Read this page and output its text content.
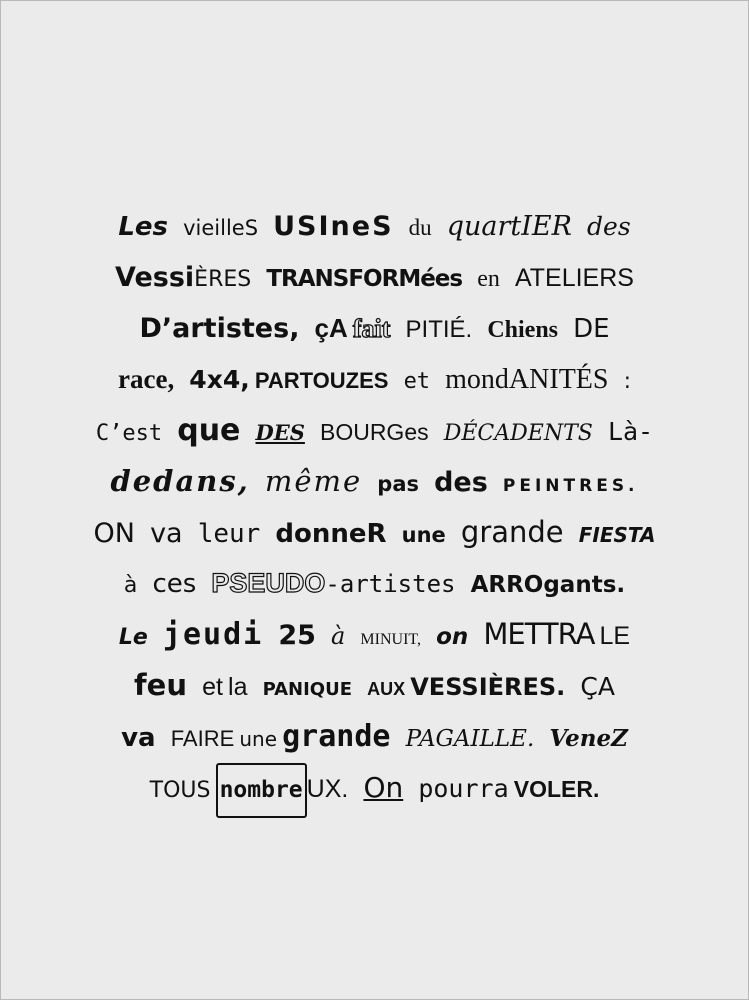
Les vieilleS USIneS du quartIER des
VessiÈRES TRANSFORMées en ATELIERS
D’artistes, çA fait PITIÉ. Chiens DE
race, 4x4, PARTOUZES et mondANITÉS :
C’est que DES BOURGes DÉCADENTS Là-
dedans, même pas des PEINTRES.
ON va leur donneR une grande FIESTA
à ces PSEUDO-artistes ARROgants.
Le jeudi 25 à MINUIT, on METTRA LE
feu et la PANIQUE AUX VESSIÈRES. ÇA
va FAIRE une grande PAGAILLE. VeneZ
TOUS nombre UX. On pourra VOLER.
